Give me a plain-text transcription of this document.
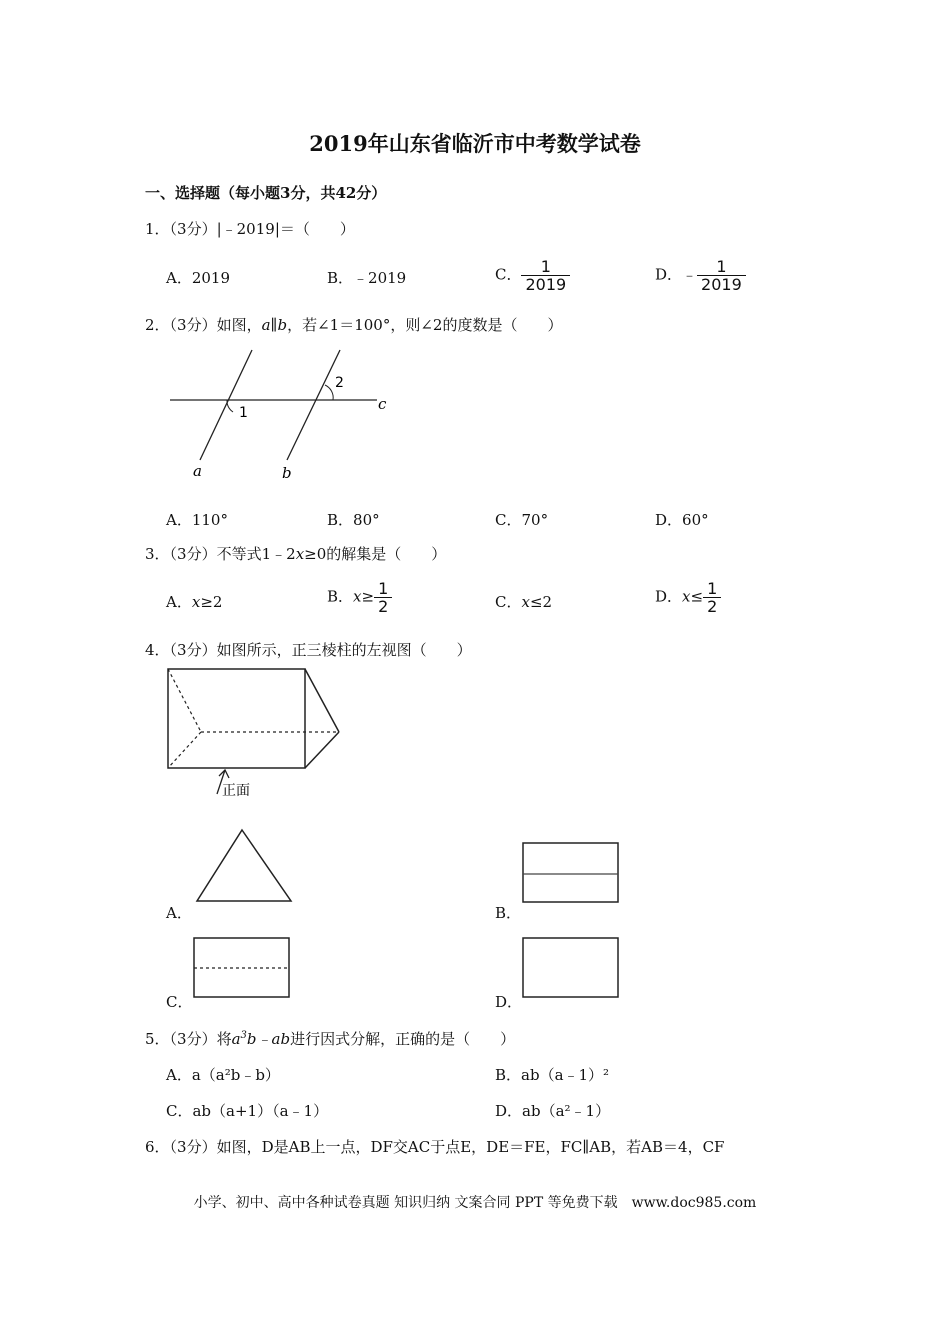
2019年山东省临沂市中考数学试卷
一、选择题（每小题3分，共42分）
1．（3分）|﹣2019|＝（　　）
A．2019	B．﹣2019	C． $\frac{1}{2019}$	D．﹣ $\frac{1}{2019}$
2．（3分）如图，a∥b，若∠1＝100°，则∠2的度数是（　　）
1
2
a	b
c
A．110°	B．80°	C．70°	D．60°
3．（3分）不等式1﹣2x≥0的解集是（　　）
A．x≥2	B．$x\ge \frac{1}{2}$	C．x≤2	D．$x\le \frac{1}{2}$
4．（3分）如图所示，正三棱柱的左视图（　　）
正面
A．	B．
C．	D．
5．（3分）将$a^3b﹣ab$进行因式分解，正确的是（　　）
A．a（a²b﹣b）	B．ab（a﹣1）²
C．ab（a+1）（a﹣1）	D．ab（a²﹣1）
6．（3分）如图，D是AB上一点，DF交AC于点E，DE＝FE，FC∥AB，若AB＝4，CF
小学、初中、高中各种试卷真题 知识归纳 文案合同 PPT 等免费下载　www.doc985.com
